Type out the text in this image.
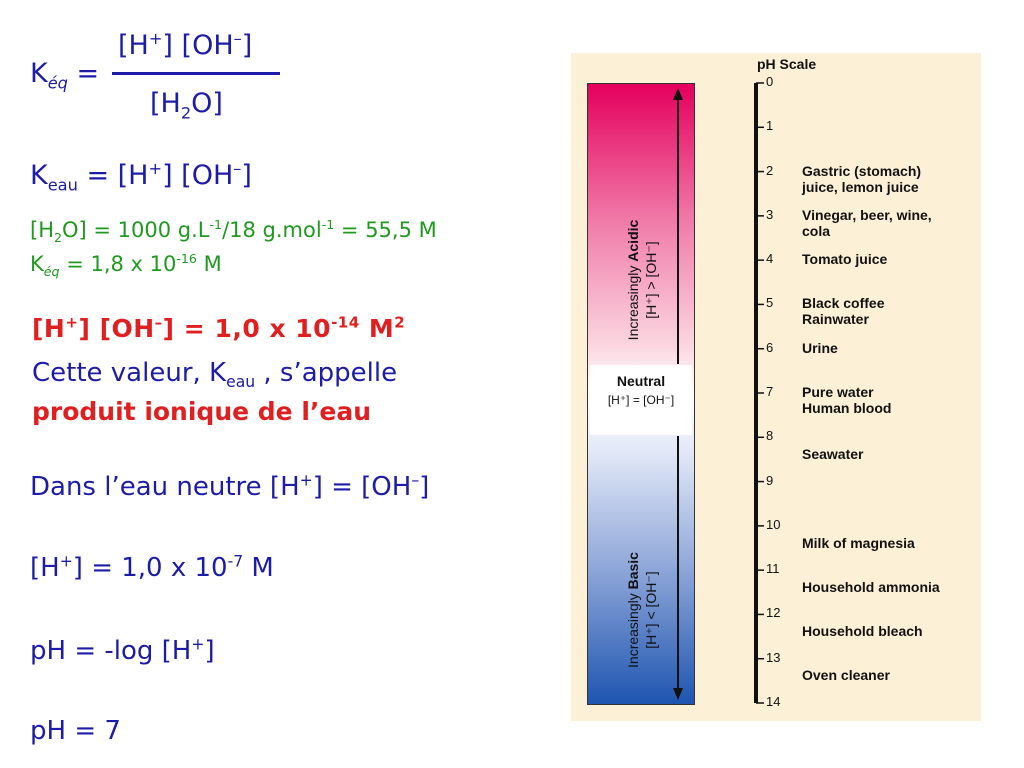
$K_{éq}$ =
[H+] [OH–]
$[H_2O]$
$K_{eau} = [H^+]$ [OH–]
$[H_2O] = 1000$ $g.L^{-1}/18$ g.mol$^{-1}$ = 55,5 M
$K_{éq} = 1,8$ x $10^{-16}$ M
[H+] [OH–] = 1,0 x $10^{-14}$ $M^2$
Cette valeur, $K_{eau}$ , s’appelle
produit ionique de l’eau
Dans l’eau neutre [H+] = [OH–]
[H+] = 1,0 x $10^{-7}$ M
pH = -log [H+]
pH = 7
Increasingly Acidic
[H⁺] > [OH⁻]
Increasingly Basic
[H⁺] < [OH⁻]
Neutral
[H⁺] = [OH⁻]
pH Scale
0
1
2
3
4
5
6
7
8
9
10
11
12
13
14
Gastric (stomach)
juice, lemon juice
Vinegar, beer, wine,
cola
Tomato juice
Black coffee
Rainwater
Urine
Pure water
Human blood
Seawater
Milk of magnesia
Household ammonia
Household bleach
Oven cleaner
